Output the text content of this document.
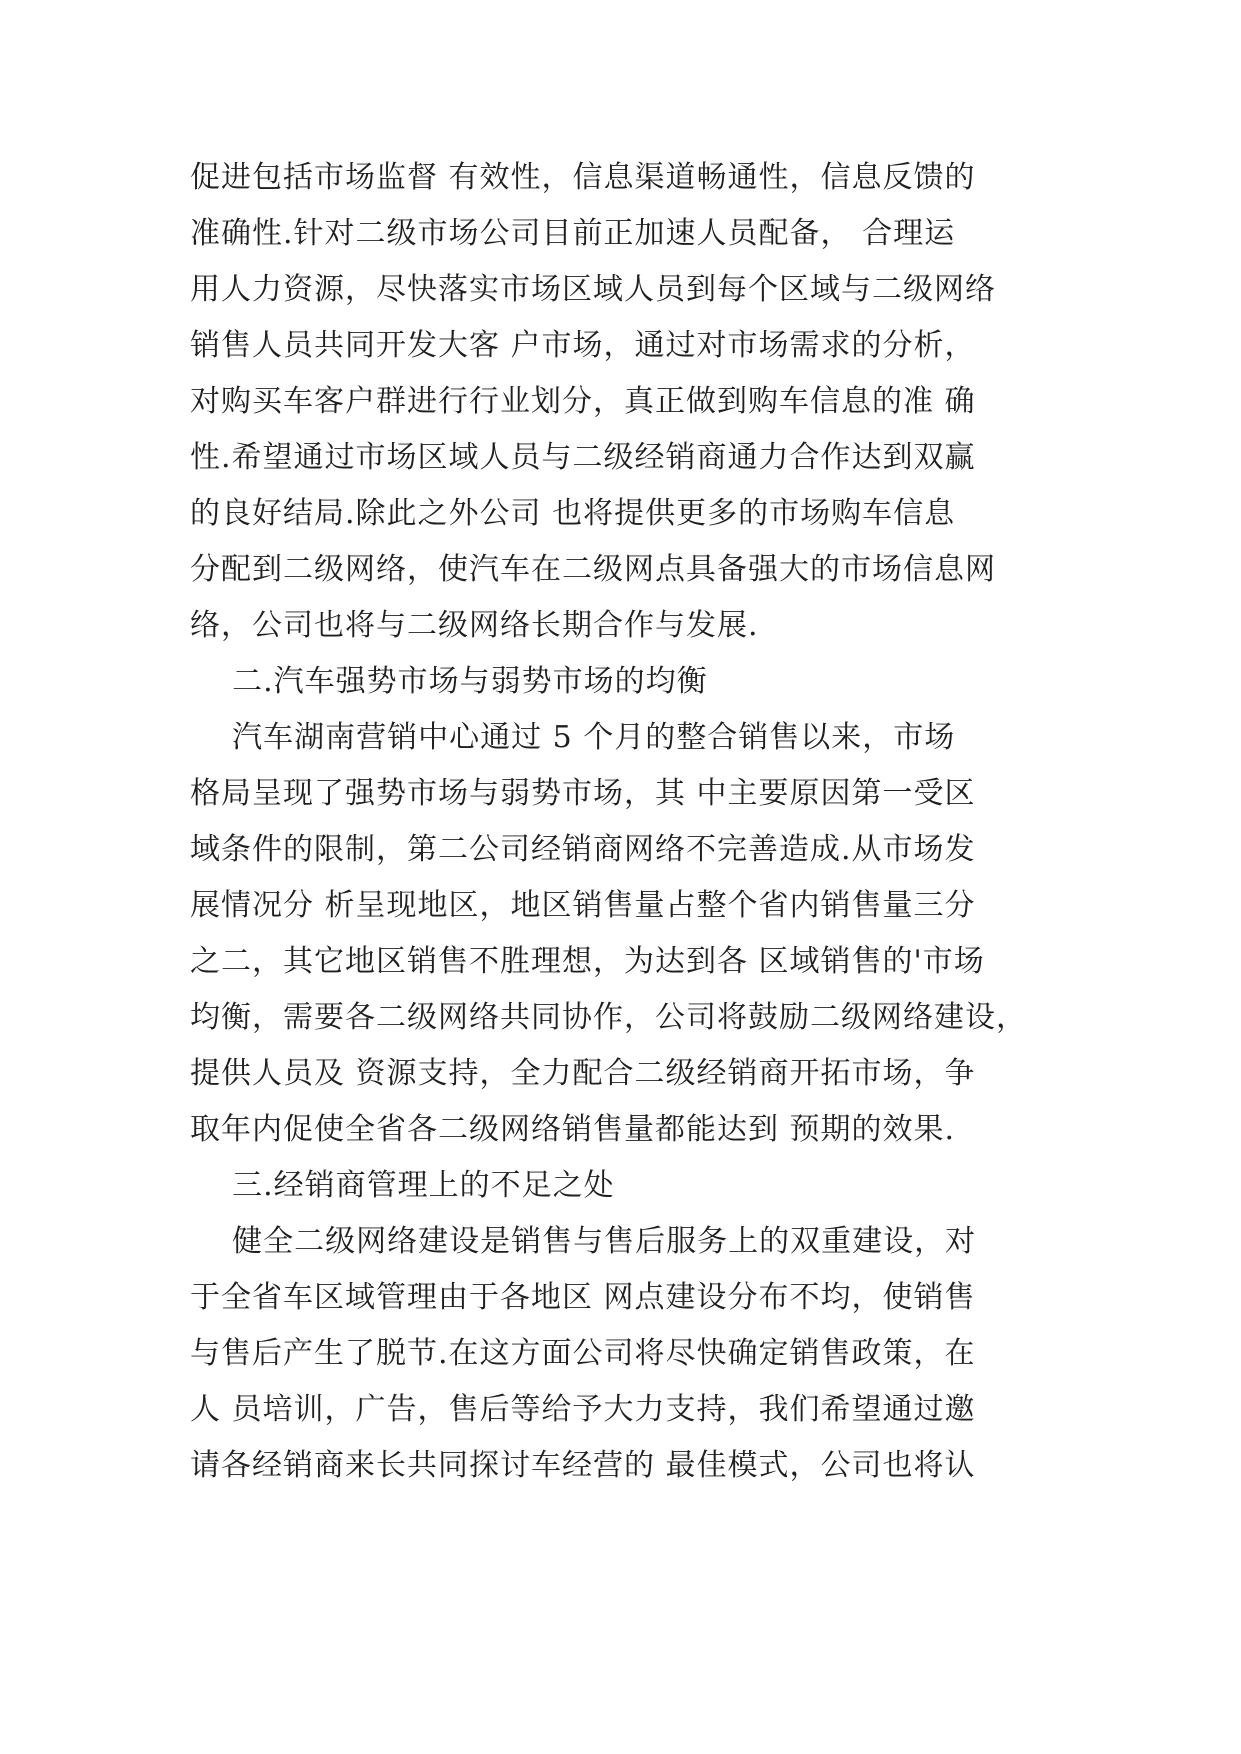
促进包括市场监督 有效性，信息渠道畅通性，信息反馈的
准确性.针对二级市场公司目前正加速人员配备， 合理运
用人力资源，尽快落实市场区域人员到每个区域与二级网络
销售人员共同开发大客 户市场，通过对市场需求的分析，
对购买车客户群进行行业划分，真正做到购车信息的准 确
性.希望通过市场区域人员与二级经销商通力合作达到双赢
的良好结局.除此之外公司 也将提供更多的市场购车信息
分配到二级网络，使汽车在二级网点具备强大的市场信息网
络，公司也将与二级网络长期合作与发展.
二.汽车强势市场与弱势市场的均衡
汽车湖南营销中心通过 5 个月的整合销售以来，市场
格局呈现了强势市场与弱势市场，其 中主要原因第一受区
域条件的限制，第二公司经销商网络不完善造成.从市场发
展情况分 析呈现地区，地区销售量占整个省内销售量三分
之二，其它地区销售不胜理想，为达到各 区域销售的'市场
均衡，需要各二级网络共同协作，公司将鼓励二级网络建设，
提供人员及 资源支持，全力配合二级经销商开拓市场，争
取年内促使全省各二级网络销售量都能达到 预期的效果.
三.经销商管理上的不足之处
健全二级网络建设是销售与售后服务上的双重建设，对
于全省车区域管理由于各地区 网点建设分布不均，使销售
与售后产生了脱节.在这方面公司将尽快确定销售政策，在
人 员培训，广告，售后等给予大力支持，我们希望通过邀
请各经销商来长共同探讨车经营的 最佳模式，公司也将认
